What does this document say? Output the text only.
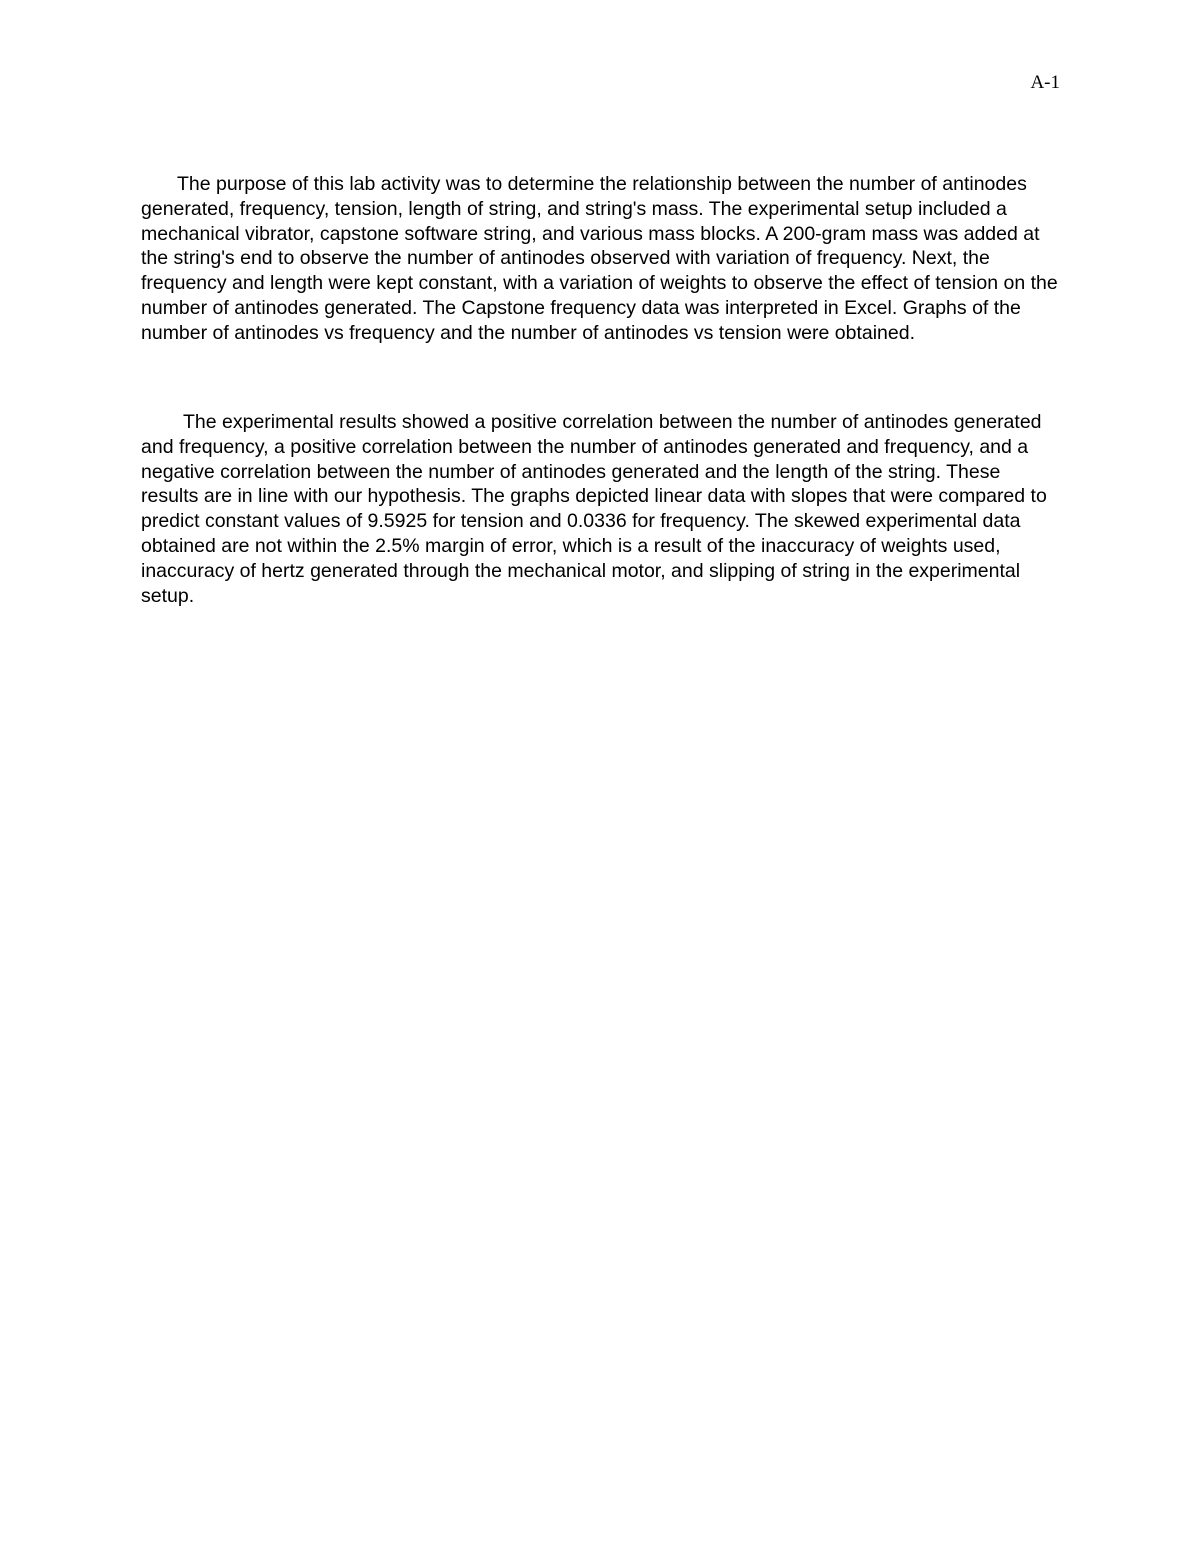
A-1

The purpose of this lab activity was to determine the relationship between the number of antinodes generated, frequency, tension, length of string, and string's mass. The experimental setup included a mechanical vibrator, capstone software string, and various mass blocks. A 200-gram mass was added at the string's end to observe the number of antinodes observed with variation of frequency. Next, the frequency and length were kept constant, with a variation of weights to observe the effect of tension on the number of antinodes generated. The Capstone frequency data was interpreted in Excel. Graphs of the number of antinodes vs frequency and the number of antinodes vs tension were obtained.

The experimental results showed a positive correlation between the number of antinodes generated and frequency, a positive correlation between the number of antinodes generated and frequency, and a negative correlation between the number of antinodes generated and the length of the string. These results are in line with our hypothesis. The graphs depicted linear data with slopes that were compared to predict constant values of 9.5925 for tension and 0.0336 for frequency. The skewed experimental data obtained are not within the 2.5% margin of error, which is a result of the inaccuracy of weights used, inaccuracy of hertz generated through the mechanical motor, and slipping of string in the experimental setup.
